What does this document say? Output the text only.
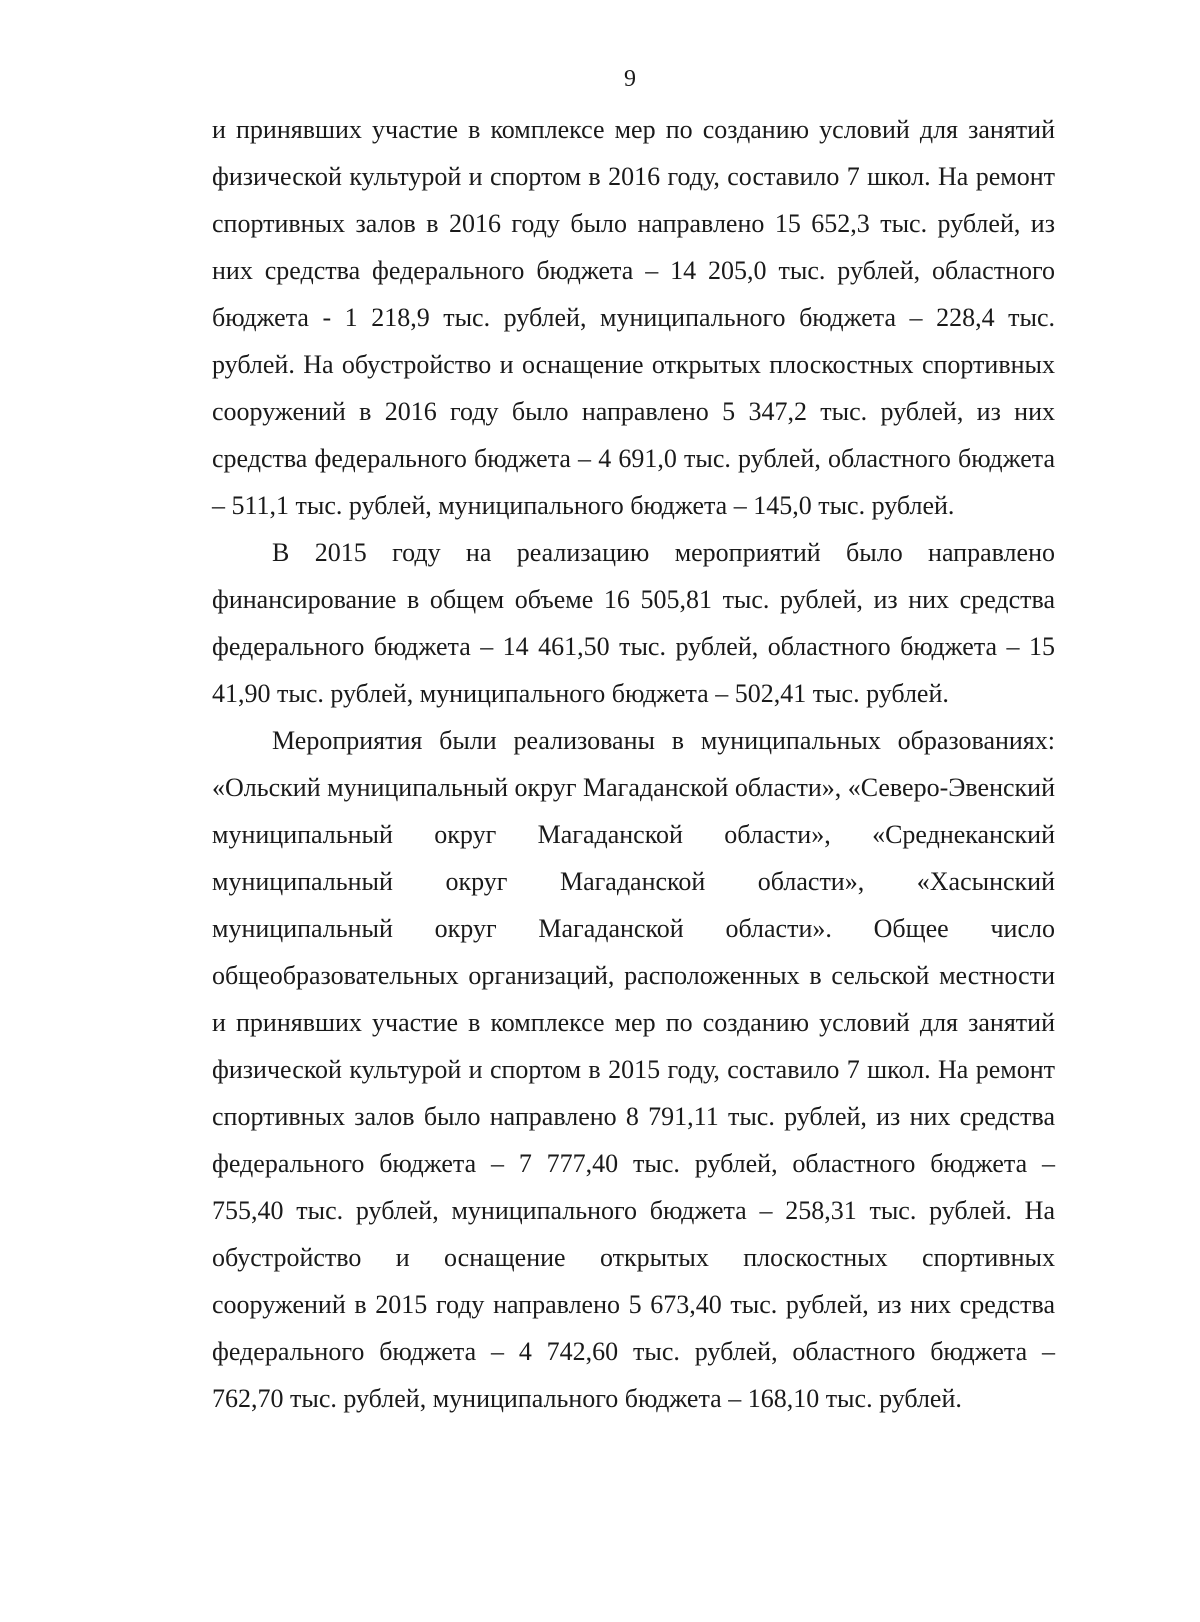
9

и принявших участие в комплексе мер по созданию условий для занятий физической культурой и спортом в 2016 году, составило 7 школ. На ремонт спортивных залов в 2016 году было направлено 15 652,3 тыс. рублей, из них средства федерального бюджета – 14 205,0 тыс. рублей, областного бюджета - 1 218,9 тыс. рублей, муниципального бюджета – 228,4 тыс. рублей. На обустройство и оснащение открытых плоскостных спортивных сооружений в 2016 году было направлено 5 347,2 тыс. рублей, из них средства федерального бюджета – 4 691,0 тыс. рублей, областного бюджета – 511,1 тыс. рублей, муниципального бюджета – 145,0 тыс. рублей.

В 2015 году на реализацию мероприятий было направлено финансирование в общем объеме 16 505,81 тыс. рублей, из них средства федерального бюджета – 14 461,50 тыс. рублей, областного бюджета – 15 41,90 тыс. рублей, муниципального бюджета – 502,41 тыс. рублей.

Мероприятия были реализованы в муниципальных образованиях: «Ольский муниципальный округ Магаданской области», «Северо-Эвенский муниципальный округ Магаданской области», «Среднеканский муниципальный округ Магаданской области», «Хасынский муниципальный округ Магаданской области». Общее число общеобразовательных организаций, расположенных в сельской местности и принявших участие в комплексе мер по созданию условий для занятий физической культурой и спортом в 2015 году, составило 7 школ. На ремонт спортивных залов было направлено 8 791,11 тыс. рублей, из них средства федерального бюджета – 7 777,40 тыс. рублей, областного бюджета – 755,40 тыс. рублей, муниципального бюджета – 258,31 тыс. рублей. На обустройство и оснащение открытых плоскостных спортивных сооружений в 2015 году направлено 5 673,40 тыс. рублей, из них средства федерального бюджета – 4 742,60 тыс. рублей, областного бюджета – 762,70 тыс. рублей, муниципального бюджета – 168,10 тыс. рублей.
